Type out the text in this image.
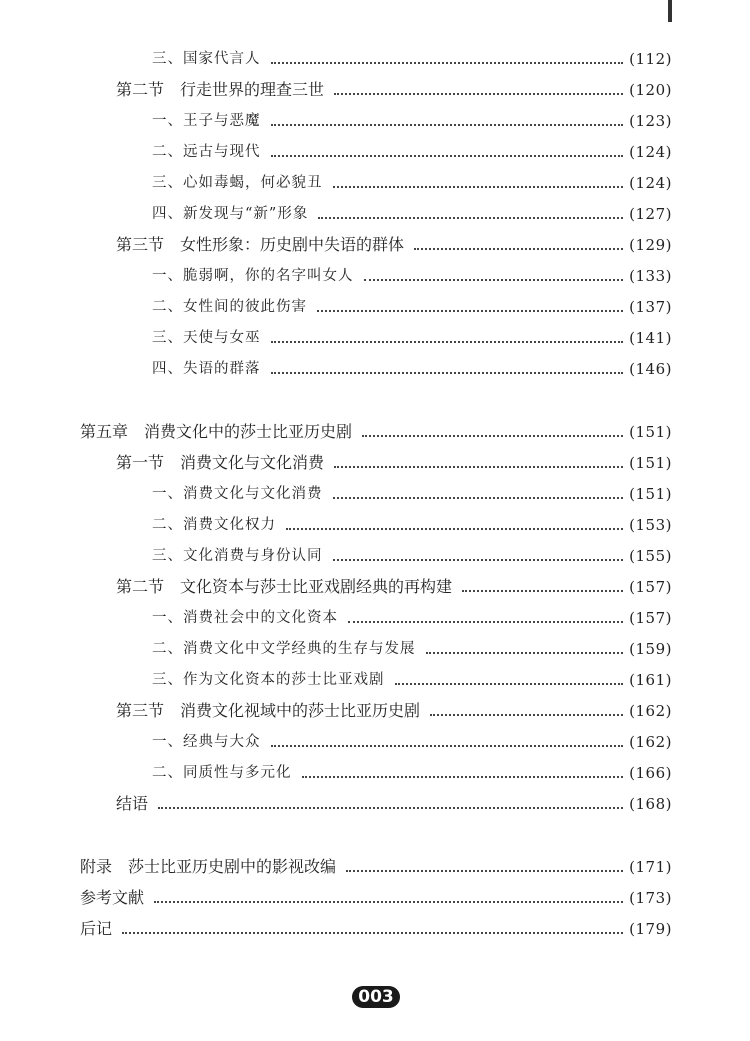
三、国家代言人	(112)
第二节　行走世界的理查三世	(120)
一、王子与恶魔	(123)
二、远古与现代	(124)
三、心如毒蝎，何必貌丑	(124)
四、新发现与“新”形象	(127)
第三节　女性形象：历史剧中失语的群体	(129)
一、脆弱啊，你的名字叫女人	(133)
二、女性间的彼此伤害	(137)
三、天使与女巫	(141)
四、失语的群落	(146)
第五章　消费文化中的莎士比亚历史剧	(151)
第一节　消费文化与文化消费	(151)
一、消费文化与文化消费	(151)
二、消费文化权力	(153)
三、文化消费与身份认同	(155)
第二节　文化资本与莎士比亚戏剧经典的再构建	(157)
一、消费社会中的文化资本	(157)
二、消费文化中文学经典的生存与发展	(159)
三、作为文化资本的莎士比亚戏剧	(161)
第三节　消费文化视域中的莎士比亚历史剧	(162)
一、经典与大众	(162)
二、同质性与多元化	(166)
结语	(168)
附录　莎士比亚历史剧中的影视改编	(171)
参考文献	(173)
后记	(179)
003
